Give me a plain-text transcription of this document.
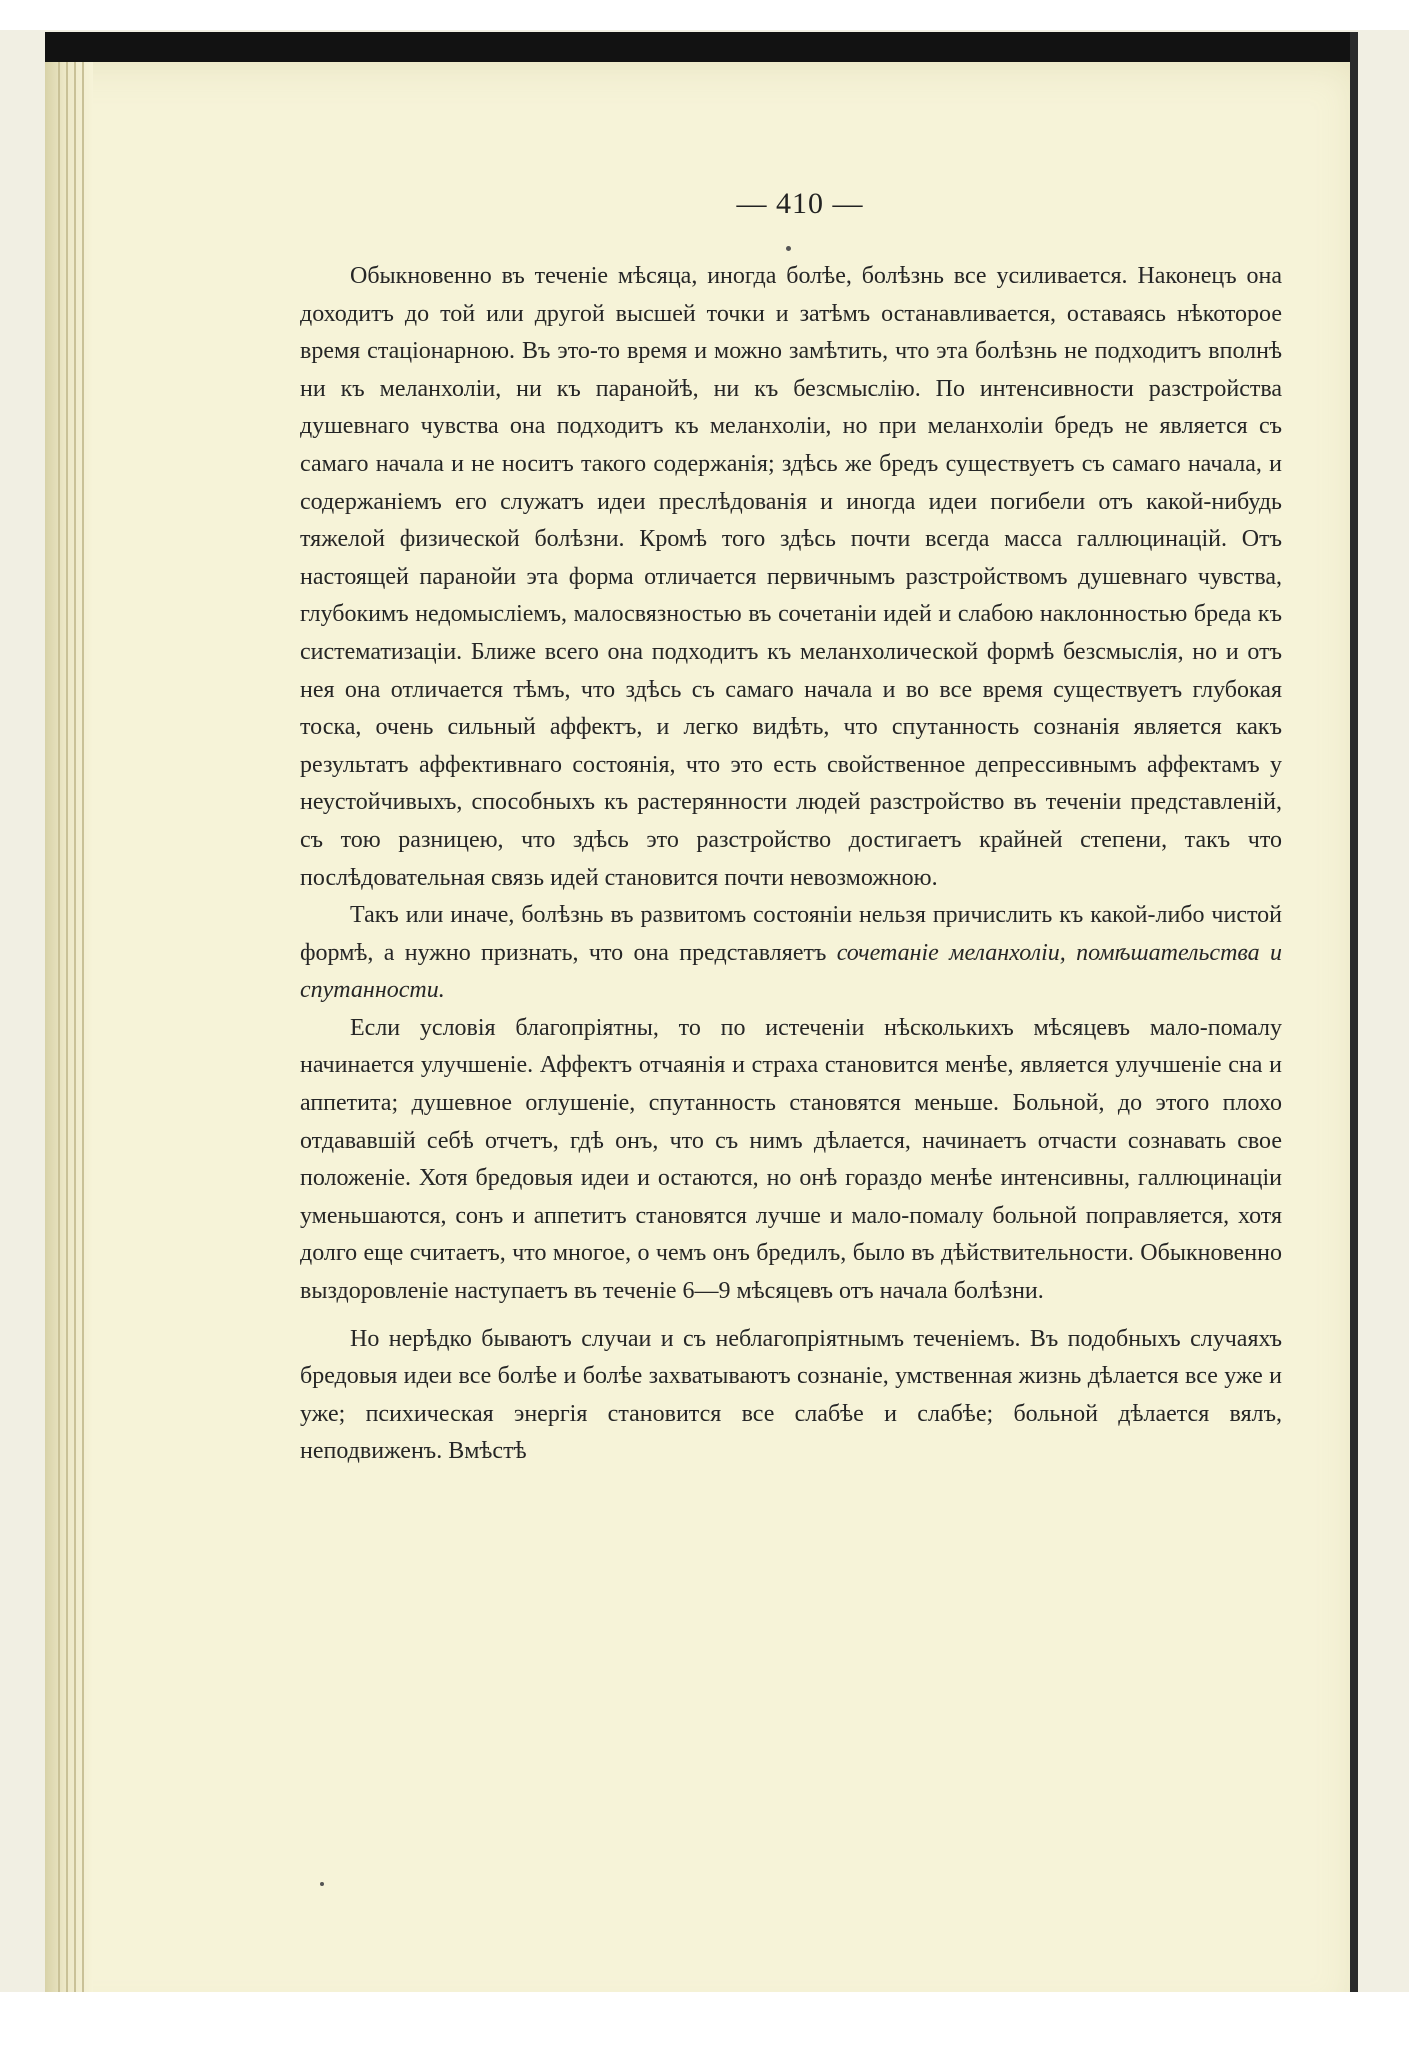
— 410 —

Обыкновенно въ теченіе мѣсяца, иногда болѣе, болѣзнь все усиливается. Наконецъ она доходитъ до той или другой высшей точки и затѣмъ останавливается, оставаясь нѣкоторое время стаціонарною. Въ это-то время и можно замѣтить, что эта болѣзнь не подходитъ вполнѣ ни къ меланхоліи, ни къ паранойѣ, ни къ безсмыслію. По интенсивности разстройства душевнаго чувства она подходитъ къ меланхоліи, но при меланхоліи бредъ не является съ самаго начала и не носитъ такого содержанія; здѣсь же бредъ существуетъ съ самаго начала, и содержаніемъ его служатъ идеи преслѣдованія и иногда идеи погибели отъ какой-нибудь тяжелой физической болѣзни. Кромѣ того здѣсь почти всегда масса галлюцинацій. Отъ настоящей паранойи эта форма отличается первичнымъ разстройствомъ душевнаго чувства, глубокимъ недомысліемъ, малосвязностью въ сочетаніи идей и слабою наклонностью бреда къ систематизаціи. Ближе всего она подходитъ къ меланхолической формѣ безсмыслія, но и отъ нея она отличается тѣмъ, что здѣсь съ самаго начала и во все время существуетъ глубокая тоска, очень сильный аффектъ, и легко видѣть, что спутанность сознанія является какъ результатъ аффективнаго состоянія, что это есть свойственное депрессивнымъ аффектамъ у неустойчивыхъ, способныхъ къ растерянности людей разстройство въ теченіи представленій, съ тою разницею, что здѣсь это разстройство достигаетъ крайней степени, такъ что послѣдовательная связь идей становится почти невозможною.

Такъ или иначе, болѣзнь въ развитомъ состояніи нельзя причислить къ какой-либо чистой формѣ, а нужно признать, что она представляетъ сочетаніе меланхоліи, помѣшательства и спутанности.

Если условія благопріятны, то по истеченіи нѣсколькихъ мѣсяцевъ мало-помалу начинается улучшеніе. Аффектъ отчаянія и страха становится менѣе, является улучшеніе сна и аппетита; душевное оглушеніе, спутанность становятся меньше. Больной, до этого плохо отдававшій себѣ отчетъ, гдѣ онъ, что съ нимъ дѣлается, начинаетъ отчасти сознавать свое положеніе. Хотя бредовыя идеи и остаются, но онѣ гораздо менѣе интенсивны, галлюцинаціи уменьшаются, сонъ и аппетитъ становятся лучше и мало-помалу больной поправляется, хотя долго еще считаетъ, что многое, о чемъ онъ бредилъ, было въ дѣйствительности. Обыкновенно выздоровленіе наступаетъ въ теченіе 6—9 мѣсяцевъ отъ начала болѣзни.

Но нерѣдко бываютъ случаи и съ неблагопріятнымъ теченіемъ. Въ подобныхъ случаяхъ бредовыя идеи все болѣе и болѣе захватываютъ сознаніе, умственная жизнь дѣлается все уже и уже; психическая энергія становится все слабѣе и слабѣе; больной дѣлается вялъ, неподвиженъ. Вмѣстѣ
